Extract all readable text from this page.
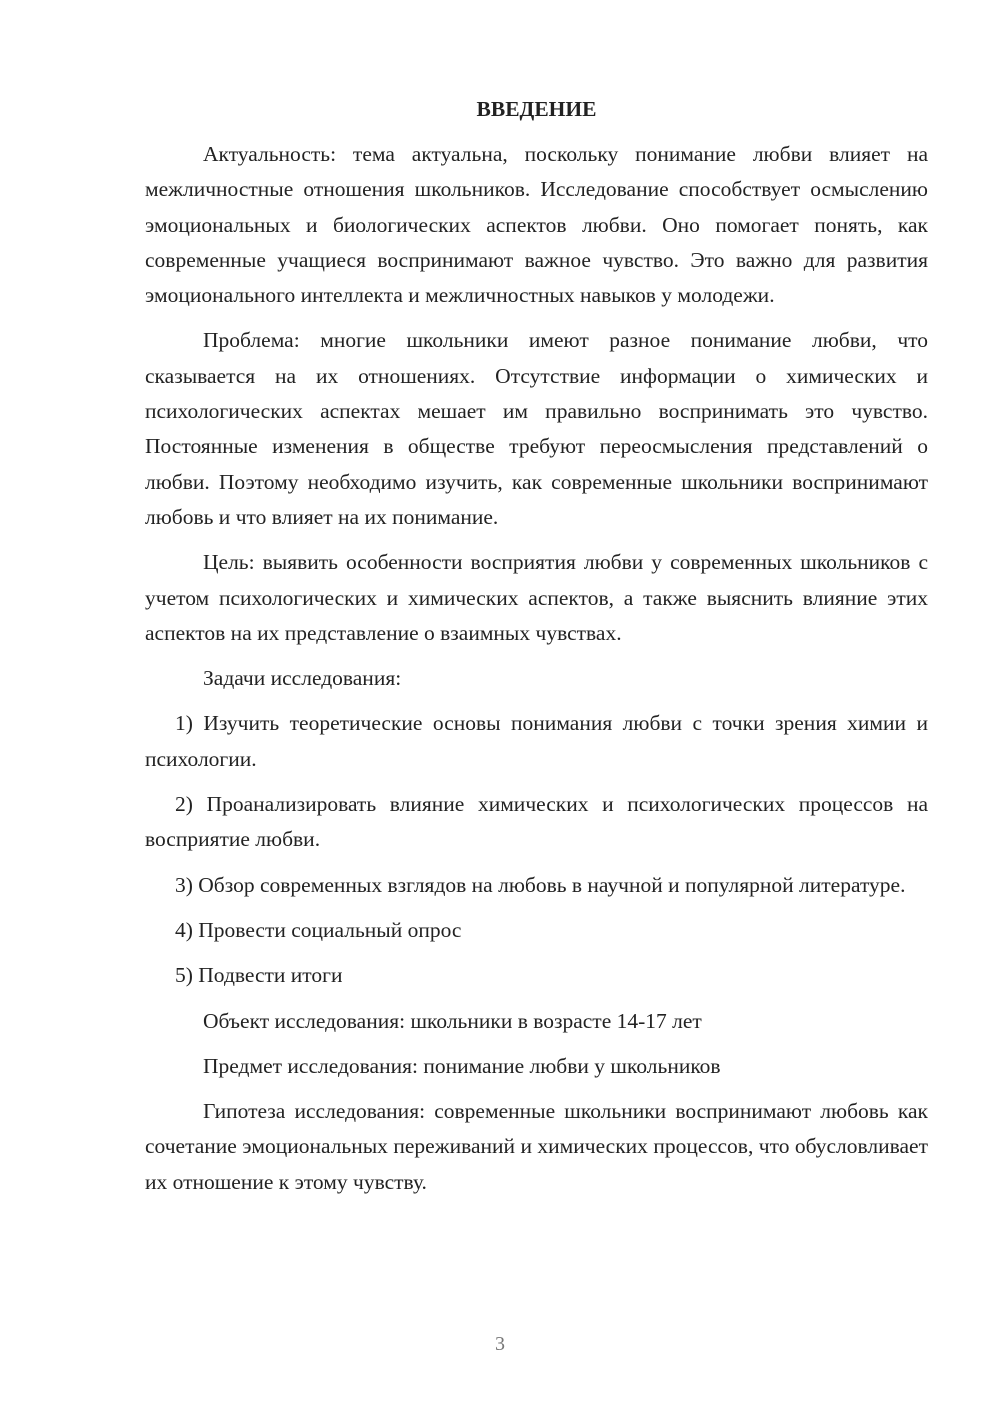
ВВЕДЕНИЕ

Актуальность: тема актуальна, поскольку понимание любви влияет на межличностные отношения школьников. Исследование способствует осмыслению эмоциональных и биологических аспектов любви. Оно помогает понять, как современные учащиеся воспринимают важное чувство. Это важно для развития эмоционального интеллекта и межличностных навыков у молодежи.

Проблема: многие школьники имеют разное понимание любви, что сказывается на их отношениях. Отсутствие информации о химических и психологических аспектах мешает им правильно воспринимать это чувство. Постоянные изменения в обществе требуют переосмысления представлений о любви. Поэтому необходимо изучить, как современные школьники воспринимают любовь и что влияет на их понимание.

Цель: выявить особенности восприятия любви у современных школьников с учетом психологических и химических аспектов, а также выяснить влияние этих аспектов на их представление о взаимных чувствах.

Задачи исследования:

1) Изучить теоретические основы понимания любви с точки зрения химии и психологии.

2) Проанализировать влияние химических и психологических процессов на восприятие любви.

3) Обзор современных взглядов на любовь в научной и популярной литературе.

4) Провести социальный опрос

5) Подвести итоги

Объект исследования: школьники в возрасте 14-17 лет

Предмет исследования: понимание любви у школьников

Гипотеза исследования: современные школьники воспринимают любовь как сочетание эмоциональных переживаний и химических процессов, что обусловливает их отношение к этому чувству.

3
